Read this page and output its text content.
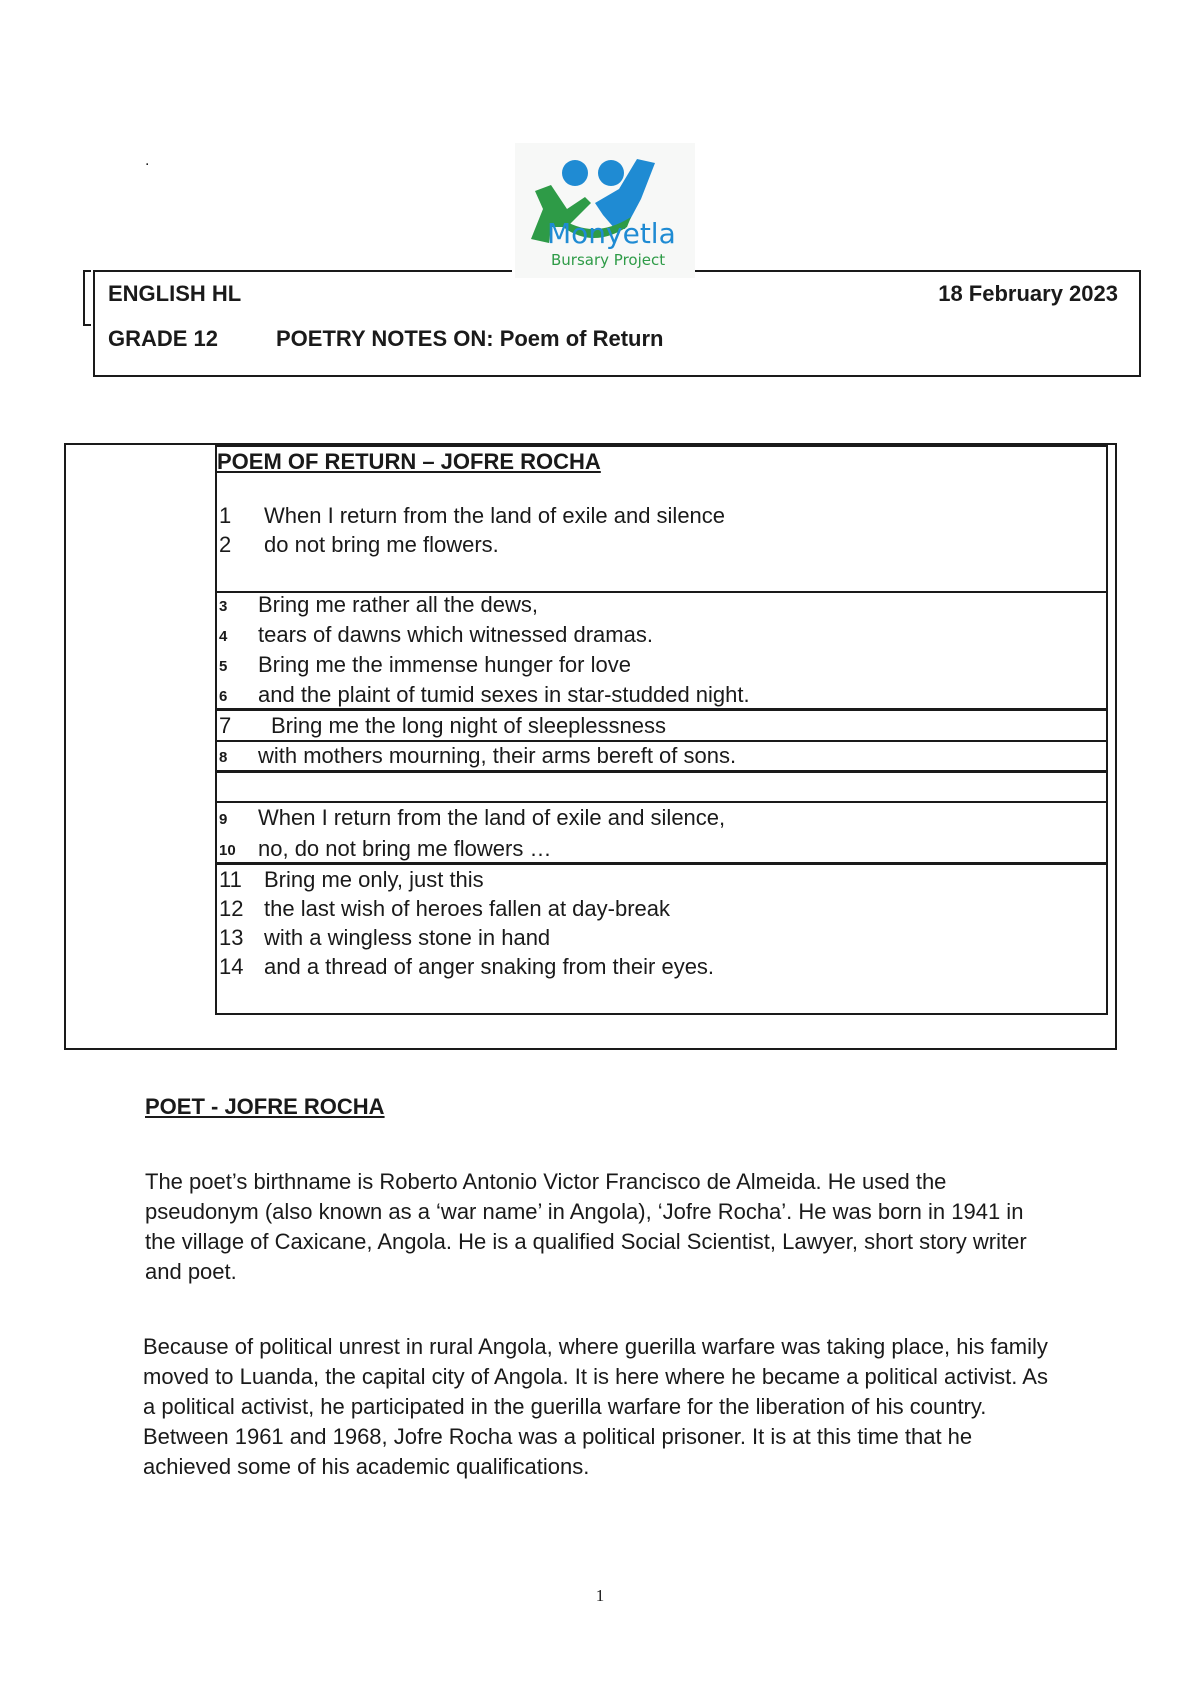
.
Monyetla
Bursary Project
ENGLISH HL	18 February 2023
GRADE 12	POETRY NOTES ON: Poem of Return
POEM OF RETURN – JOFRE ROCHA
1 When I return from the land of exile and silence
2 do not bring me flowers.
3 Bring me rather all the dews,
4 tears of dawns which witnessed dramas.
5 Bring me the immense hunger for love
6 and the plaint of tumid sexes in star-studded night.
7 Bring me the long night of sleeplessness
8 with mothers mourning, their arms bereft of sons.
9 When I return from the land of exile and silence,
10 no, do not bring me flowers …
11 Bring me only, just this
12 the last wish of heroes fallen at day-break
13 with a wingless stone in hand
14 and a thread of anger snaking from their eyes.
POET - JOFRE ROCHA
The poet’s birthname is Roberto Antonio Victor Francisco de Almeida. He used the pseudonym (also known as a ‘war name’ in Angola), ‘Jofre Rocha’. He was born in 1941 in the village of Caxicane, Angola. He is a qualified Social Scientist, Lawyer, short story writer and poet.
Because of political unrest in rural Angola, where guerilla warfare was taking place, his family moved to Luanda, the capital city of Angola. It is here where he became a political activist. As a political activist, he participated in the guerilla warfare for the liberation of his country. Between 1961 and 1968, Jofre Rocha was a political prisoner. It is at this time that he achieved some of his academic qualifications.
1
